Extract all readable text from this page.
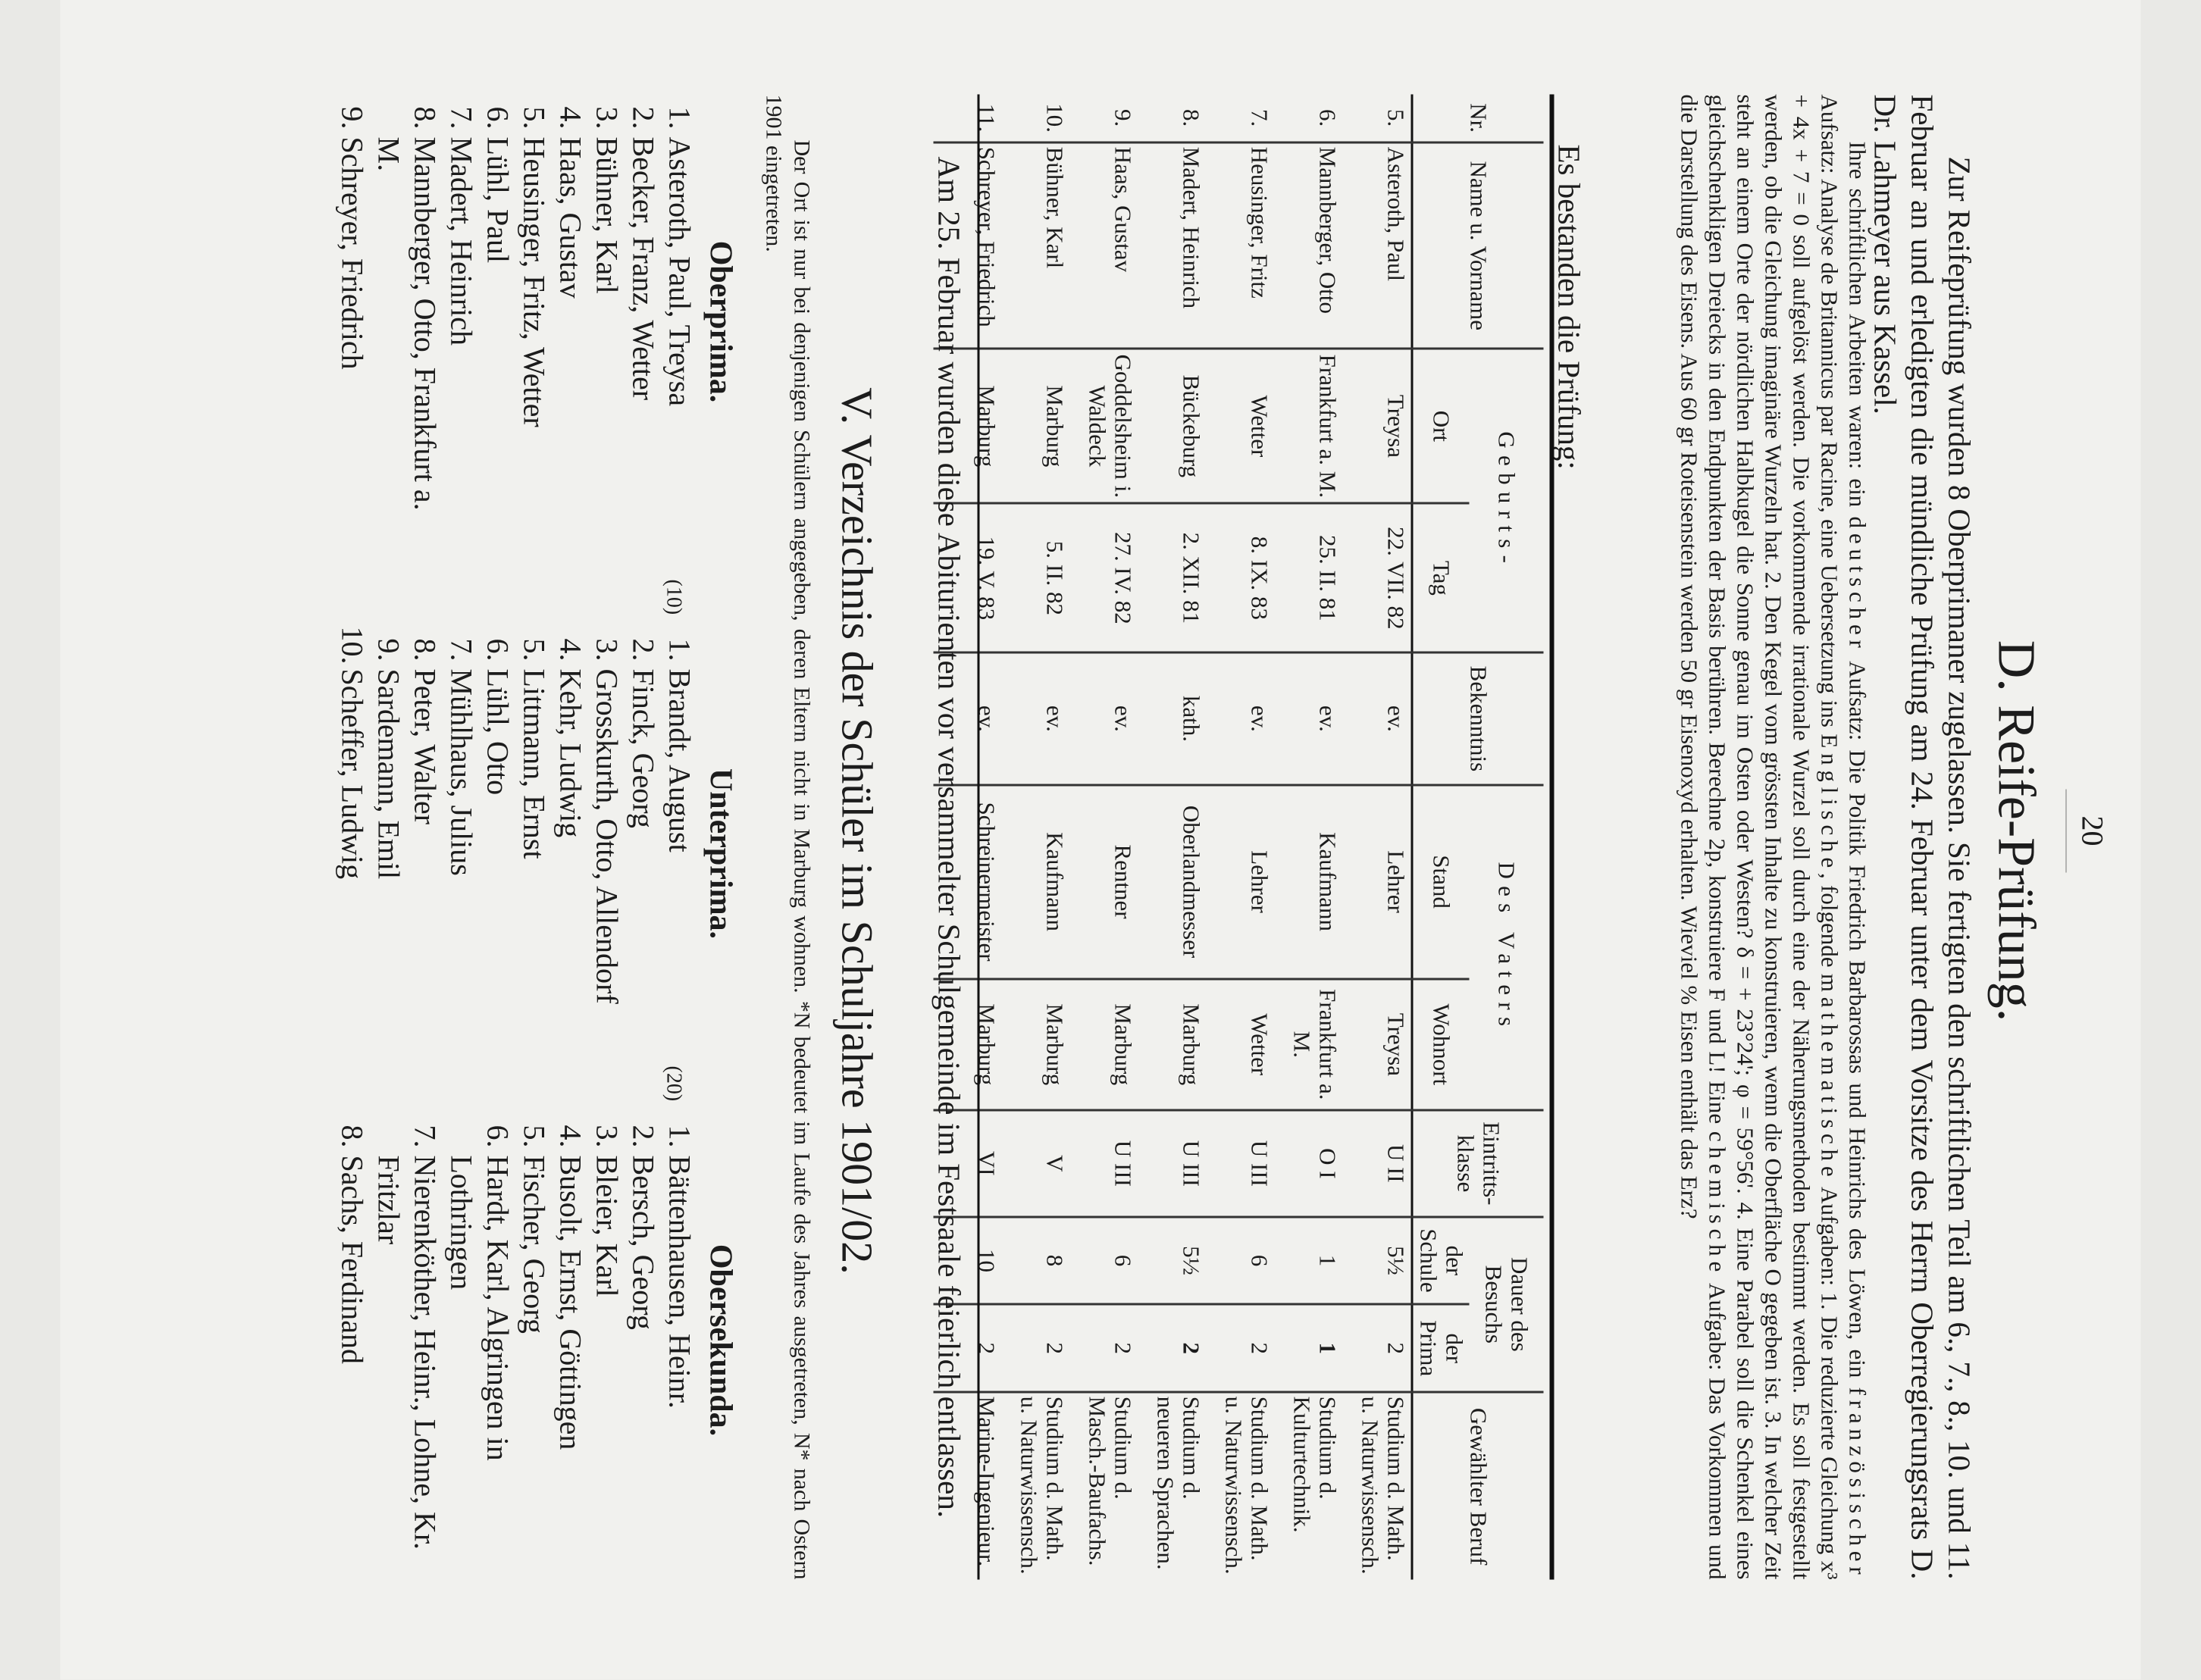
20
D. Reife-Prüfung.

Zur Reifeprüfung wurden 8 Oberprimaner zugelassen. Sie fertigten den schriftlichen Teil am 6., 7., 8., 10. und 11. Februar an und erledigten die mündliche Prüfung am 24. Februar unter dem Vorsitze des Herrn Oberregierungsrats D. Dr. Lahmeyer aus Kassel.

Ihre schriftlichen Arbeiten waren: ein deutscher Aufsatz: Die Politik Friedrich Barbarossas und Heinrichs des Löwen, ein französischer Aufsatz: Analyse de Britannicus par Racine, eine Uebersetzung ins Englische, folgende mathematische Aufgaben: 1. Die reduzierte Gleichung x³ + 4x + 7 = 0 soll aufgelöst werden. Die vorkommende irrationale Wurzel soll durch eine der Näherungsmethoden bestimmt werden. Es soll festgestellt werden, ob die Gleichung imaginäre Wurzeln hat. 2. Den Kegel vom grössten Inhalte zu konstruieren, wenn die Oberfläche O gegeben ist. 3. In welcher Zeit steht an einem Orte der nördlichen Halbkugel die Sonne genau im Osten oder Westen? δ = + 23°24'; φ = 59°56'. 4. Eine Parabel soll die Schenkel eines gleichschenkligen Dreiecks in den Endpunkten der Basis berühren. Berechne 2p, konstruiere F und L! Eine chemische Aufgabe: Das Vorkommen und die Darstellung des Eisens. Aus 60 gr Roteisenstein werden 50 gr Eisenoxyd erhalten. Wieviel % Eisen enthält das Erz?

Es bestanden die Prüfung:
Nr.	Name u. Vorname	Geburts-		Bekenntnis	Des Vaters		Eintritts-klasse	Dauer des Besuchs		Gewählter Beruf
		Ort	Tag		Stand	Wohnort		der Schule	der Prima	
5.	Asteroth, Paul	Treysa	22. VII. 82	ev.	Lehrer	Treysa	U II	5½	2	Studium d. Math. u. Naturwissensch.
6.	Mannberger, Otto	Frankfurt a. M.	25. II. 81	ev.	Kaufmann	Frankfurt a. M.	O I	1	1	Studium d. Kulturtechnik.
7.	Heusinger, Fritz	Wetter	8. IX. 83	ev.	Lehrer	Wetter	U III	6	2	Studium d. Math. u. Naturwissensch.
8.	Madert, Heinrich	Bückeburg	2. XII. 81	kath.	Oberlandmesser	Marburg	U III	5½	2	Studium d. neueren Sprachen.
9.	Haas, Gustav	Goddelsheim i. Waldeck	27. IV. 82	ev.	Rentner	Marburg	U III	6	2	Studium d. Masch.-Baufachs.
10.	Bühner, Karl	Marburg	5. II. 82	ev.	Kaufmann	Marburg	V	8	2	Studium d. Math. u. Naturwissensch.
11.	Schreyer, Friedrich	Marburg	19. V. 83	ev.	Schreinermeister	Marburg	VI	10	2	Marine-Ingenieur.

Am 25. Februar wurden diese Abiturienten vor versammelter Schulgemeinde im Festsaale feierlich entlassen.

V. Verzeichnis der Schüler im Schuljahre 1901/02.

Der Ort ist nur bei denjenigen Schülern angegeben, deren Eltern nicht in Marburg wohnen. *N bedeutet im Laufe des Jahres ausgetreten, N* nach Ostern 1901 eingetreten.

Oberprima.
1.
Asteroth, Paul, Treysa
2.
Becker, Franz, Wetter
3.
Bühner, Karl
4.
Haas, Gustav
5.
Heusinger, Fritz, Wetter
6.
Lühl, Paul
7.
Madert, Heinrich
8.
Mannberger, Otto, Frankfurt a. M.
9.
Schreyer, Friedrich
(10)
Unterprima.
1.
Brandt, August
2.
Finck, Georg
3.
Grosskurth, Otto, Allendorf
4.
Kehr, Ludwig
5.
Littmann, Ernst
6.
Lühl, Otto
7.
Mühlhaus, Julius
8.
Peter, Walter
9.
Sardemann, Emil
10.
Scheffer, Ludwig
(20)
Obersekunda.
1.
Bättenhausen, Heinr.
2.
Bersch, Georg
3.
Bleier, Karl
4.
Busolt, Ernst, Göttingen
5.
Fischer, Georg
6.
Hardt, Karl, Algringen in Lothringen
7.
Nierenköther, Heinr., Lohne, Kr. Fritzlar
8.
Sachs, Ferdinand
